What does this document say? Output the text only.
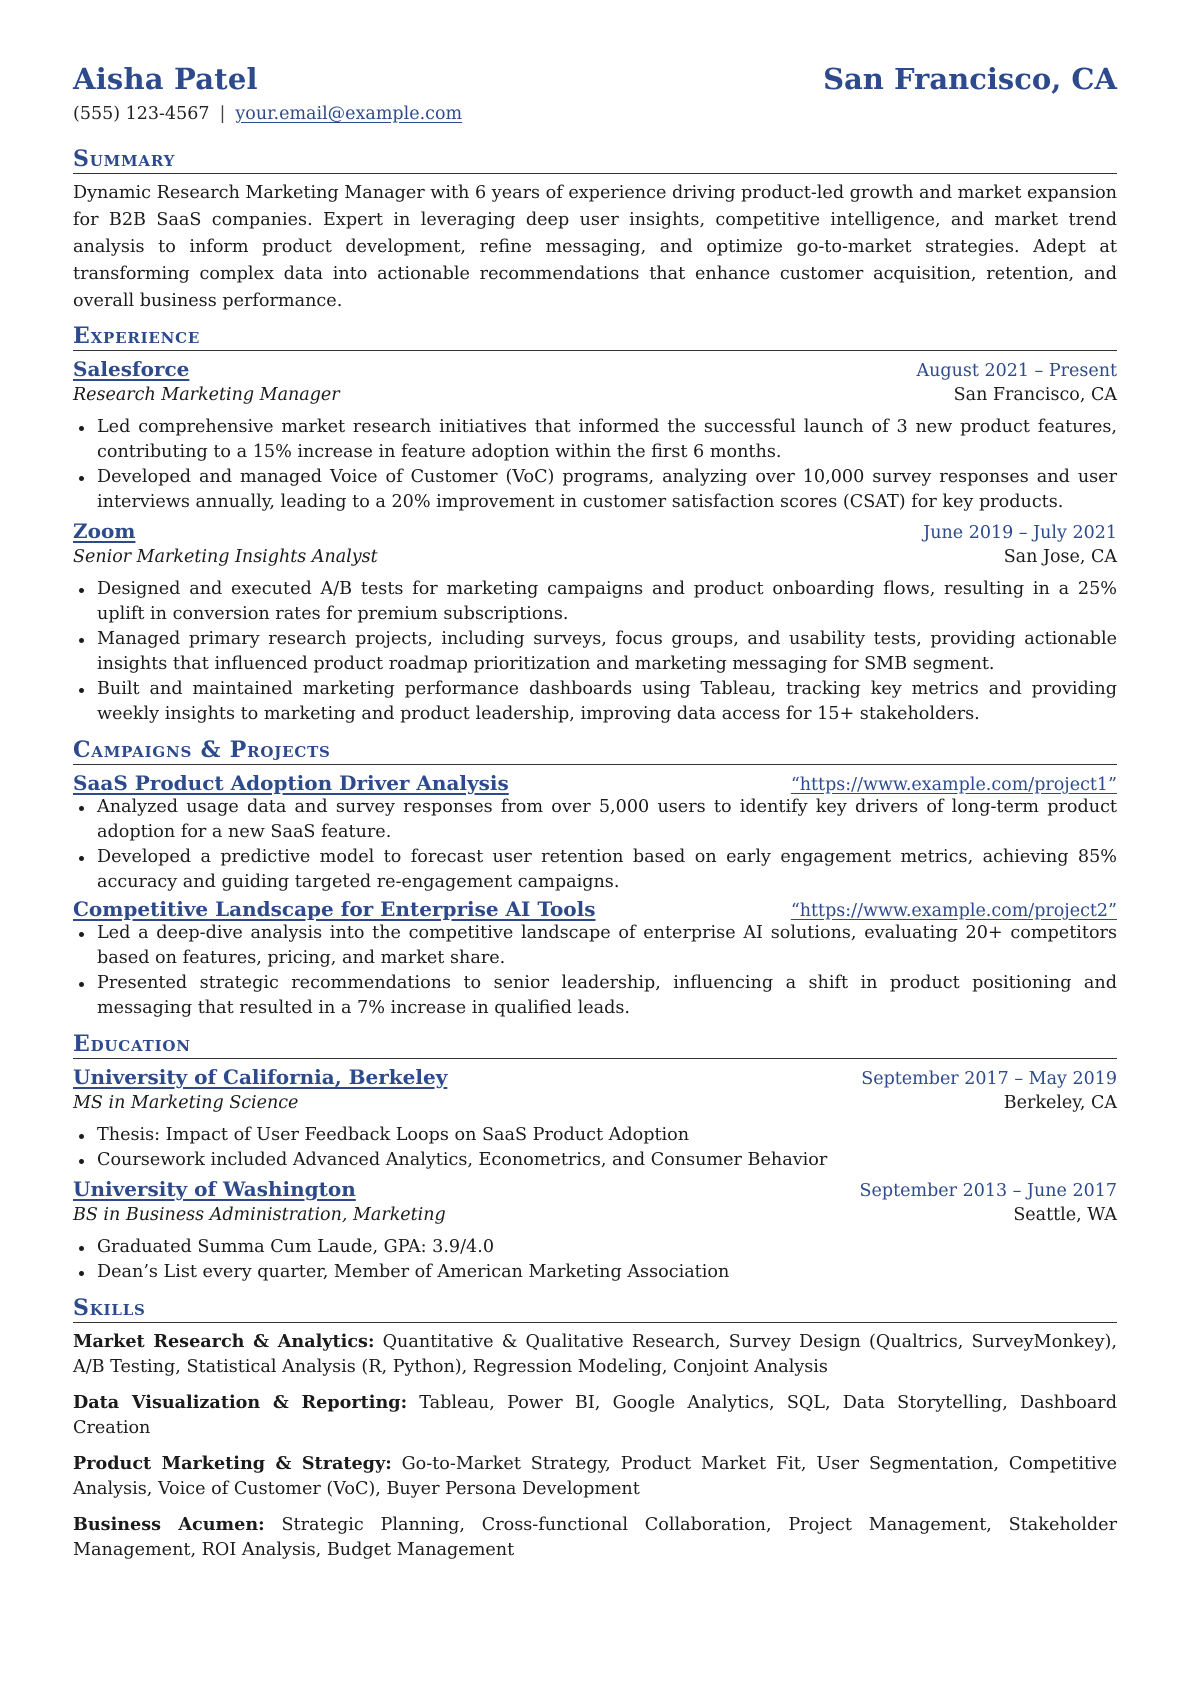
Aisha Patel	San Francisco, CA
(555) 123-4567 | your.email@example.com
Summary
Dynamic Research Marketing Manager with 6 years of experience driving product-led growth and market expansion for B2B SaaS companies. Expert in leveraging deep user insights, competitive intelligence, and market trend analysis to inform product development, refine messaging, and optimize go-to-market strategies. Adept at transforming complex data into actionable recommendations that enhance customer acquisition, retention, and overall business performance.
Experience
Salesforce	August 2021 – Present
Research Marketing Manager	San Francisco, CA
Led comprehensive market research initiatives that informed the successful launch of 3 new product features, contributing to a 15% increase in feature adoption within the first 6 months.
Developed and managed Voice of Customer (VoC) programs, analyzing over 10,000 survey responses and user interviews annually, leading to a 20% improvement in customer satisfaction scores (CSAT) for key products.
Zoom	June 2019 – July 2021
Senior Marketing Insights Analyst	San Jose, CA
Designed and executed A/B tests for marketing campaigns and product onboarding flows, resulting in a 25% uplift in conversion rates for premium subscriptions.
Managed primary research projects, including surveys, focus groups, and usability tests, providing actionable insights that influenced product roadmap prioritization and marketing messaging for SMB segment.
Built and maintained marketing performance dashboards using Tableau, tracking key metrics and providing weekly insights to marketing and product leadership, improving data access for 15+ stakeholders.
Campaigns & Projects
SaaS Product Adoption Driver Analysis	“https://www.example.com/project1”
Analyzed usage data and survey responses from over 5,000 users to identify key drivers of long-term product adoption for a new SaaS feature.
Developed a predictive model to forecast user retention based on early engagement metrics, achieving 85% accuracy and guiding targeted re-engagement campaigns.
Competitive Landscape for Enterprise AI Tools	“https://www.example.com/project2”
Led a deep-dive analysis into the competitive landscape of enterprise AI solutions, evaluating 20+ competitors based on features, pricing, and market share.
Presented strategic recommendations to senior leadership, influencing a shift in product positioning and messaging that resulted in a 7% increase in qualified leads.
Education
University of California, Berkeley	September 2017 – May 2019
MS in Marketing Science	Berkeley, CA
Thesis: Impact of User Feedback Loops on SaaS Product Adoption
Coursework included Advanced Analytics, Econometrics, and Consumer Behavior
University of Washington	September 2013 – June 2017
BS in Business Administration, Marketing	Seattle, WA
Graduated Summa Cum Laude, GPA: 3.9/4.0
Dean’s List every quarter, Member of American Marketing Association
Skills
Market Research & Analytics: Quantitative & Qualitative Research, Survey Design (Qualtrics, SurveyMonkey), A/B Testing, Statistical Analysis (R, Python), Regression Modeling, Conjoint Analysis
Data Visualization & Reporting: Tableau, Power BI, Google Analytics, SQL, Data Storytelling, Dashboard Creation
Product Marketing & Strategy: Go-to-Market Strategy, Product Market Fit, User Segmentation, Competitive Analysis, Voice of Customer (VoC), Buyer Persona Development
Business Acumen: Strategic Planning, Cross-functional Collaboration, Project Management, Stakeholder Management, ROI Analysis, Budget Management
